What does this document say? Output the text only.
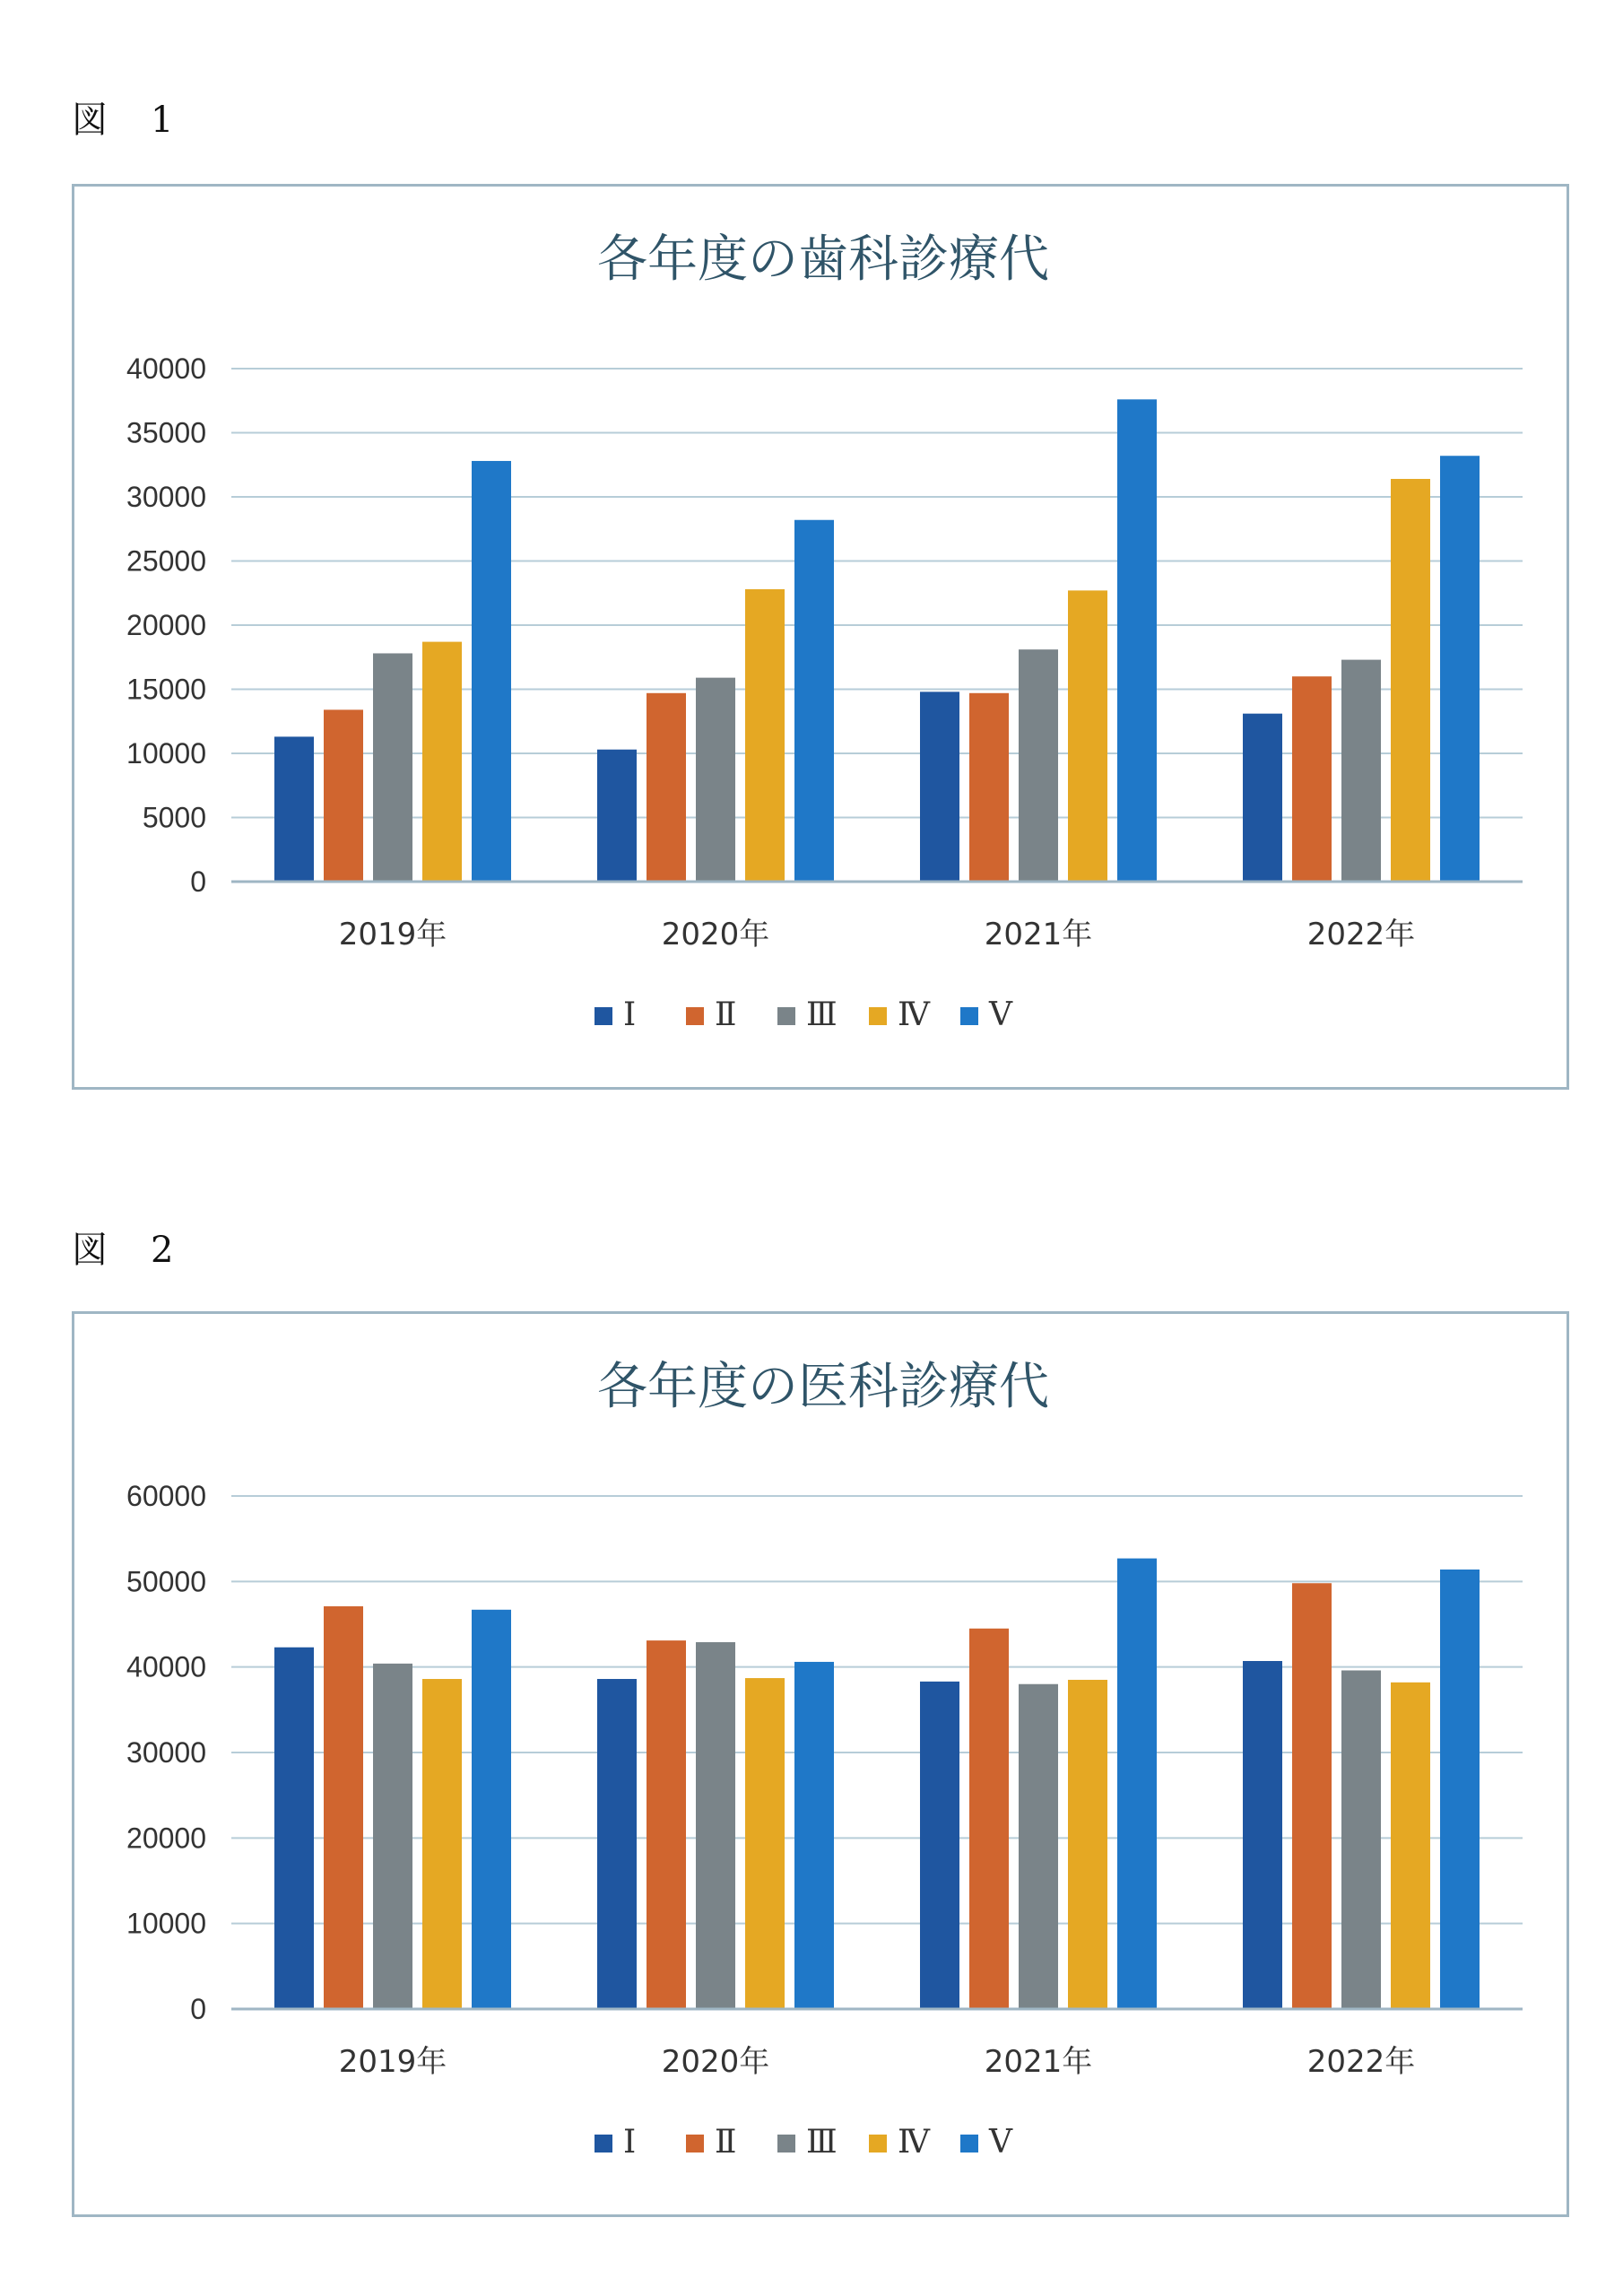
図 1
各年度の歯科診療代
0
5000
10000
15000
20000
25000
30000
35000
40000
2019年	2020年	2021年	2022年
Ⅰ Ⅱ Ⅲ Ⅳ Ⅴ
図 2
各年度の医科診療代
0
10000
20000
30000
40000
50000
60000
2019年	2020年	2021年	2022年
Ⅰ Ⅱ Ⅲ Ⅳ Ⅴ
